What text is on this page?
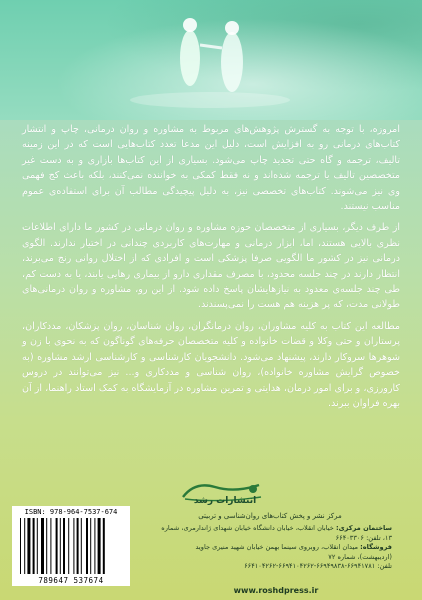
امروزه، با توجه به گسترش پژوهش‌های مربوط به مشاوره و روان درمانی، چاپ و انتشار کتاب‌های درمانی رو به افزایش است، دلیل این مدعا تعدد کتاب‌هایی است که در این زمینه تالیف، ترجمه و گاه حتی تجدید چاپ می‌شود. بسیاری از این کتاب‌ها بازاری و به دست غیر متخصصین تالیف یا ترجمه شده‌اند و نه فقط کمکی به خواننده نمی‌کنند، بلکه باعث کج فهمی وی نیز می‌شوند. کتاب‌های تخصصی نیز، به دلیل پیچیدگی مطالب آن برای استفاده‌ی عموم مناسب نیستند.

از طرف دیگر، بسیاری از متخصصان حوزه مشاوره و روان درمانی در کشور ما دارای اطلاعات نظری بالایی هستند، اما، ابزار درمانی و مهارت‌های کاربردی چندانی در اختیار ندارند. الگوی درمانی نیز در کشور ما الگویی صرفا پزشکی است و افرادی که از اختلال روانی رنج می‌برند، انتظار دارند در چند جلسه محدود، با مصرف مقداری دارو از بیماری رهایی یابند، یا به دست کم، طی چند جلسه‌ی معدود به نیازهایشان پاسخ داده شود. از این رو، مشاوره و روان درمانی‌های طولانی مدت، که پر هزینه هم هست را نمی‌پسندند.

مطالعه این کتاب به کلیه مشاوران، روان درمانگران، روان شناسان، روان پزشکان، مددکاران، پرستاران و حتی وکلا و قضات خانواده و کلیه متخصصان حرفه‌های گوناگون که به نحوی با زن و شوهرها سروکار دارند، پیشنهاد می‌شود. دانشجویان کارشناسی و کارشناسی ارشد مشاوره (به خصوص گرایش مشاوره خانواده)، روان شناسی و مددکاری و... نیز می‌توانند در دروس کارورزی، و برای امور درمان، هدایتی و تمرین مشاوره در آزمایشگاه به کمک استاد راهنما، از آن بهره فراوان ببرند.

انتشارات رشد
مرکز نشر و پخش کتاب‌های روان‌شناسی و تربیتی
ساختمان مرکزی: خیابان انقلاب، خیابان دانشگاه خیابان شهدای ژاندارمری، شماره ۱۳، تلفن: ۶۶۴۰۳۳۰۶
فروشگاه: میدان انقلاب، روبروی سینما بهمن خیابان شهید منیری جاوید (اردیبهشت)، شماره ۷۲
تلفن: ۶۶۹۴۱۷۸۱-۶۶۹۴۹۸۳۸-۶۶۹۴۱۰۴۲۶۲-۶۶۴۱۰۴۲۶۲
www.roshdpress.ir
ISBN: 978-964-7537-674
789647 537674
